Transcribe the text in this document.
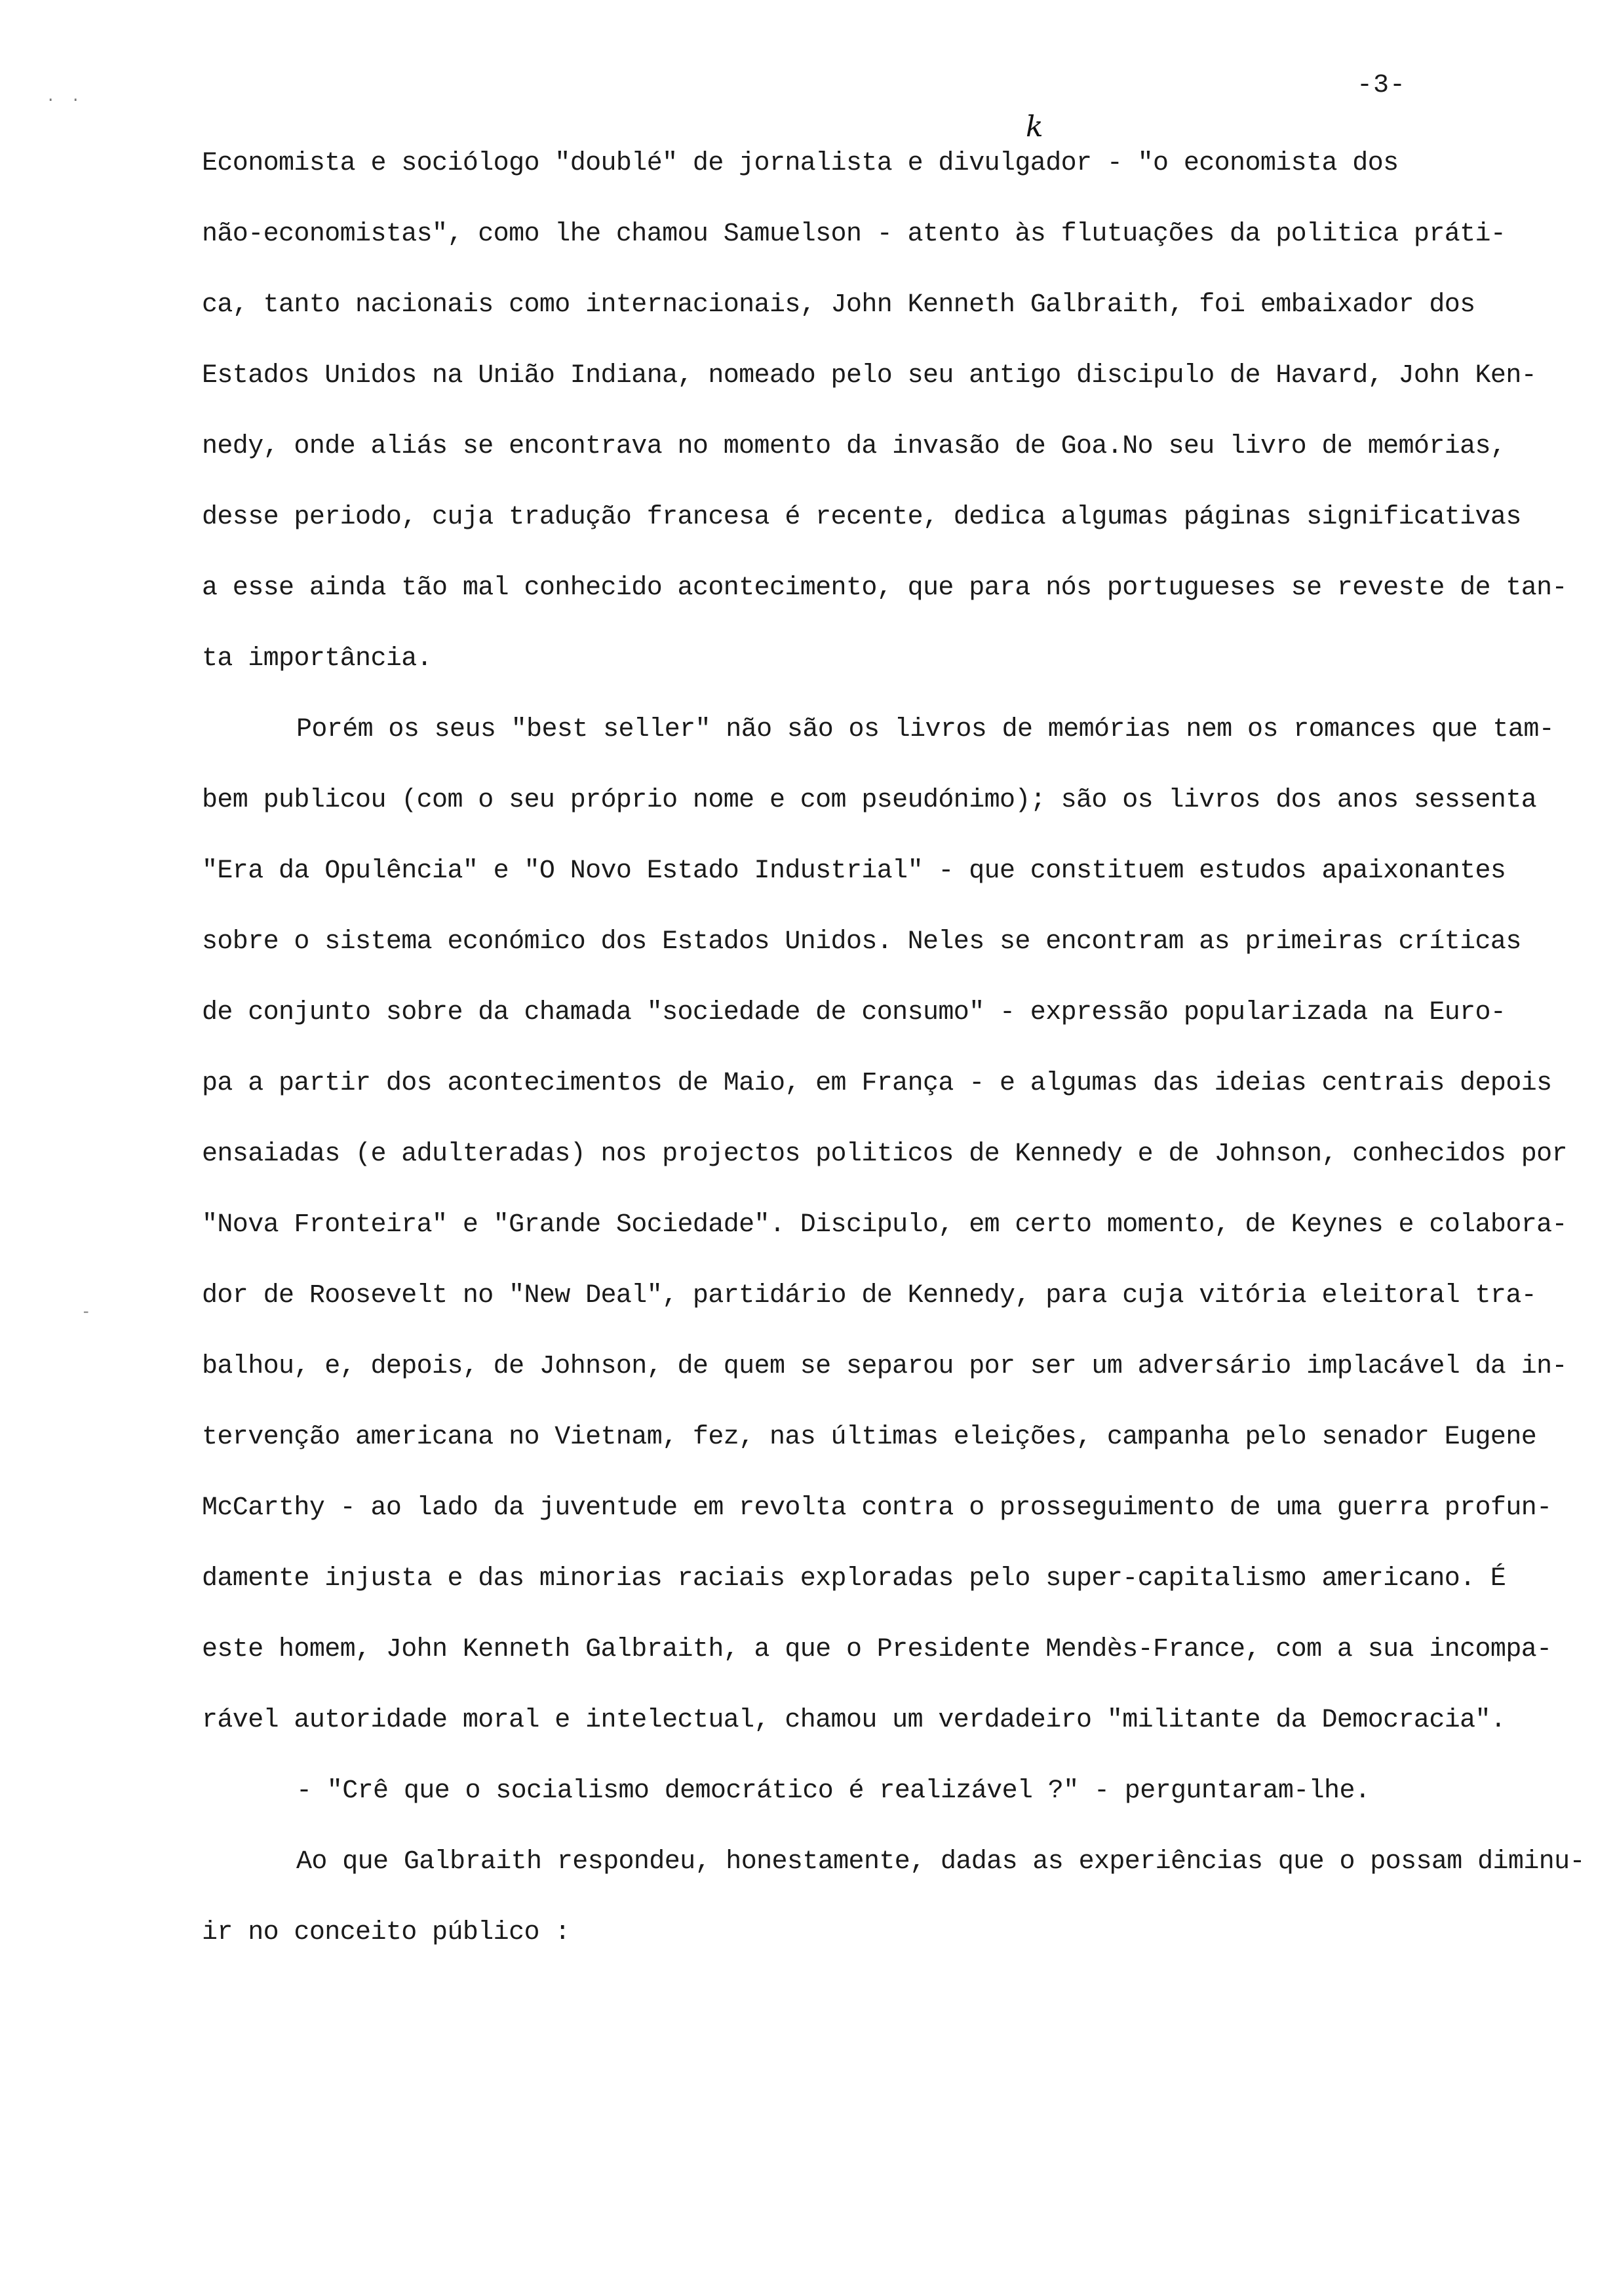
-3-
k
· ·
-
Economista e sociólogo "doublé" de jornalista e divulgador - "o economista dos
não-economistas", como lhe chamou Samuelson - atento às flutuações da politica práti-
ca, tanto nacionais como internacionais, John Kenneth Galbraith, foi embaixador dos
Estados Unidos na União Indiana, nomeado pelo seu antigo discipulo de Havard, John Ken-
nedy, onde aliás se encontrava no momento da invasão de Goa.No seu livro de memórias,
desse periodo, cuja tradução francesa é recente, dedica algumas páginas significativas
a esse ainda tão mal conhecido acontecimento, que para nós portugueses se reveste de tan-
ta importância.
Porém os seus "best seller" não são os livros de memórias nem os romances que tam-
bem publicou (com o seu próprio nome e com pseudónimo); são os livros dos anos sessenta
"Era da Opulência" e "O Novo Estado Industrial" - que constituem estudos apaixonantes
sobre o sistema económico dos Estados Unidos. Neles se encontram as primeiras críticas
de conjunto sobre da chamada "sociedade de consumo" - expressão popularizada na Euro-
pa a partir dos acontecimentos de Maio, em França - e algumas das ideias centrais depois
ensaiadas (e adulteradas) nos projectos politicos de Kennedy e de Johnson, conhecidos por
"Nova Fronteira" e "Grande Sociedade". Discipulo, em certo momento, de Keynes e colabora-
dor de Roosevelt no "New Deal", partidário de Kennedy, para cuja vitória eleitoral tra-
balhou, e, depois, de Johnson, de quem se separou por ser um adversário implacável da in-
tervenção americana no Vietnam, fez, nas últimas eleições, campanha pelo senador Eugene
McCarthy - ao lado da juventude em revolta contra o prosseguimento de uma guerra profun-
damente injusta e das minorias raciais exploradas pelo super-capitalismo americano. É
este homem, John Kenneth Galbraith, a que o Presidente Mendès-France, com a sua incompa-
rável autoridade moral e intelectual, chamou um verdadeiro "militante da Democracia".
- "Crê que o socialismo democrático é realizável ?" - perguntaram-lhe.
Ao que Galbraith respondeu, honestamente, dadas as experiências que o possam diminu-
ir no conceito público :
